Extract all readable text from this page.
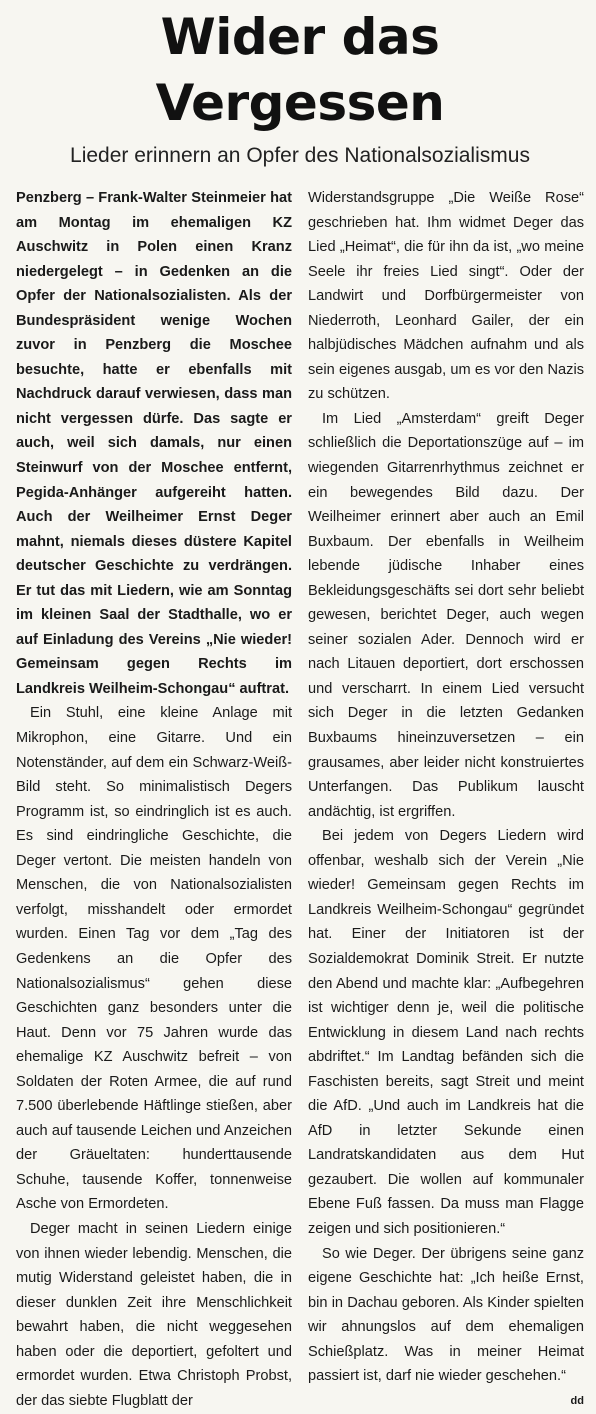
Wider das Vergessen
Lieder erinnern an Opfer des Nationalsozialismus

Penzberg – Frank-Walter Steinmeier hat am Montag im ehemaligen KZ Auschwitz in Polen einen Kranz niedergelegt – in Gedenken an die Opfer der Nationalsozialisten. Als der Bundespräsident wenige Wochen zuvor in Penzberg die Moschee besuchte, hatte er ebenfalls mit Nachdruck darauf verwiesen, dass man nicht vergessen dürfe. Das sagte er auch, weil sich damals, nur einen Steinwurf von der Moschee entfernt, Pegida-Anhänger aufgereiht hatten. Auch der Weilheimer Ernst Deger mahnt, niemals dieses düstere Kapitel deutscher Geschichte zu verdrängen. Er tut das mit Liedern, wie am Sonntag im kleinen Saal der Stadthalle, wo er auf Einladung des Vereins „Nie wieder! Gemeinsam gegen Rechts im Landkreis Weilheim-Schongau“ auftrat.

Ein Stuhl, eine kleine Anlage mit Mikrophon, eine Gitarre. Und ein Notenständer, auf dem ein Schwarz-Weiß-Bild steht. So minimalistisch Degers Programm ist, so eindringlich ist es auch. Es sind eindringliche Geschichte, die Deger vertont. Die meisten handeln von Menschen, die von Nationalsozialisten verfolgt, misshandelt oder ermordet wurden. Einen Tag vor dem „Tag des Gedenkens an die Opfer des Nationalsozialismus“ gehen diese Geschichten ganz besonders unter die Haut. Denn vor 75 Jahren wurde das ehemalige KZ Auschwitz befreit – von Soldaten der Roten Armee, die auf rund 7.500 überlebende Häftlinge stießen, aber auch auf tausende Leichen und Anzeichen der Gräueltaten: hunderttausende Schuhe, tausende Koffer, tonnenweise Asche von Ermordeten.

Deger macht in seinen Liedern einige von ihnen wieder lebendig. Menschen, die mutig Widerstand geleistet haben, die in dieser dunklen Zeit ihre Menschlichkeit bewahrt haben, die nicht weggesehen haben oder die deportiert, gefoltert und ermordet wurden. Etwa Christoph Probst, der das siebte Flugblatt der

Widerstandsgruppe „Die Weiße Rose“ geschrieben hat. Ihm widmet Deger das Lied „Heimat“, die für ihn da ist, „wo meine Seele ihr freies Lied singt“. Oder der Landwirt und Dorfbürgermeister von Niederroth, Leonhard Gailer, der ein halbjüdisches Mädchen aufnahm und als sein eigenes ausgab, um es vor den Nazis zu schützen.

Im Lied „Amsterdam“ greift Deger schließlich die Deportationszüge auf – im wiegenden Gitarrenrhythmus zeichnet er ein bewegendes Bild dazu. Der Weilheimer erinnert aber auch an Emil Buxbaum. Der ebenfalls in Weilheim lebende jüdische Inhaber eines Bekleidungsgeschäfts sei dort sehr beliebt gewesen, berichtet Deger, auch wegen seiner sozialen Ader. Dennoch wird er nach Litauen deportiert, dort erschossen und verscharrt. In einem Lied versucht sich Deger in die letzten Gedanken Buxbaums hineinzuversetzen – ein grausames, aber leider nicht konstruiertes Unterfangen. Das Publikum lauscht andächtig, ist ergriffen.

Bei jedem von Degers Liedern wird offenbar, weshalb sich der Verein „Nie wieder! Gemeinsam gegen Rechts im Landkreis Weilheim-Schongau“ gegründet hat. Einer der Initiatoren ist der Sozialdemokrat Dominik Streit. Er nutzte den Abend und machte klar: „Aufbegehren ist wichtiger denn je, weil die politische Entwicklung in diesem Land nach rechts abdriftet.“ Im Landtag befänden sich die Faschisten bereits, sagt Streit und meint die AfD. „Und auch im Landkreis hat die AfD in letzter Sekunde einen Landratskandidaten aus dem Hut gezaubert. Die wollen auf kommunaler Ebene Fuß fassen. Da muss man Flagge zeigen und sich positionieren.“

So wie Deger. Der übrigens seine ganz eigene Geschichte hat: „Ich heiße Ernst, bin in Dachau geboren. Als Kinder spielten wir ahnungslos auf dem ehemaligen Schießplatz. Was in meiner Heimat passiert ist, darf nie wieder geschehen.“
dd
